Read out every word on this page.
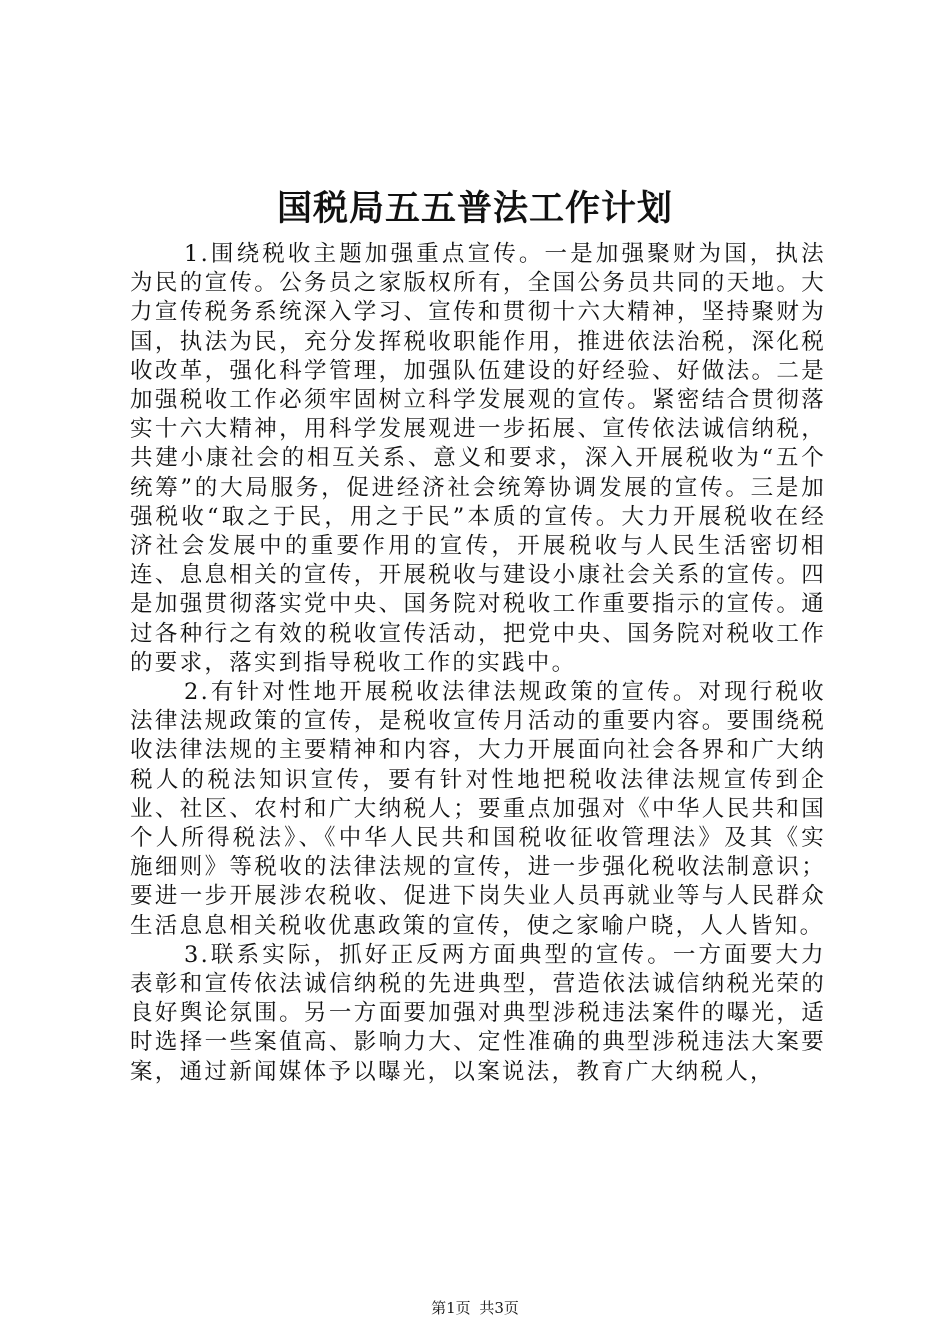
国税局五五普法工作计划

1.围绕税收主题加强重点宣传。一是加强聚财为国，执法为民的宣传。公务员之家版权所有，全国公务员共同的天地。大力宣传税务系统深入学习、宣传和贯彻十六大精神，坚持聚财为国，执法为民，充分发挥税收职能作用，推进依法治税，深化税收改革，强化科学管理，加强队伍建设的好经验、好做法。二是加强税收工作必须牢固树立科学发展观的宣传。紧密结合贯彻落实十六大精神，用科学发展观进一步拓展、宣传依法诚信纳税，共建小康社会的相互关系、意义和要求，深入开展税收为“五个统筹”的大局服务，促进经济社会统筹协调发展的宣传。三是加强税收“取之于民，用之于民”本质的宣传。大力开展税收在经济社会发展中的重要作用的宣传，开展税收与人民生活密切相连、息息相关的宣传，开展税收与建设小康社会关系的宣传。四是加强贯彻落实党中央、国务院对税收工作重要指示的宣传。通过各种行之有效的税收宣传活动，把党中央、国务院对税收工作的要求，落实到指导税收工作的实践中。

2.有针对性地开展税收法律法规政策的宣传。对现行税收法律法规政策的宣传，是税收宣传月活动的重要内容。要围绕税收法律法规的主要精神和内容，大力开展面向社会各界和广大纳税人的税法知识宣传，要有针对性地把税收法律法规宣传到企业、社区、农村和广大纳税人；要重点加强对《中华人民共和国个人所得税法》、《中华人民共和国税收征收管理法》及其《实施细则》等税收的法律法规的宣传，进一步强化税收法制意识；要进一步开展涉农税收、促进下岗失业人员再就业等与人民群众生活息息相关税收优惠政策的宣传，使之家喻户晓，人人皆知。

3.联系实际，抓好正反两方面典型的宣传。一方面要大力表彰和宣传依法诚信纳税的先进典型，营造依法诚信纳税光荣的良好舆论氛围。另一方面要加强对典型涉税违法案件的曝光，适时选择一些案值高、影响力大、定性准确的典型涉税违法大案要案，通过新闻媒体予以曝光，以案说法，教育广大纳税人，

第1页 共3页
